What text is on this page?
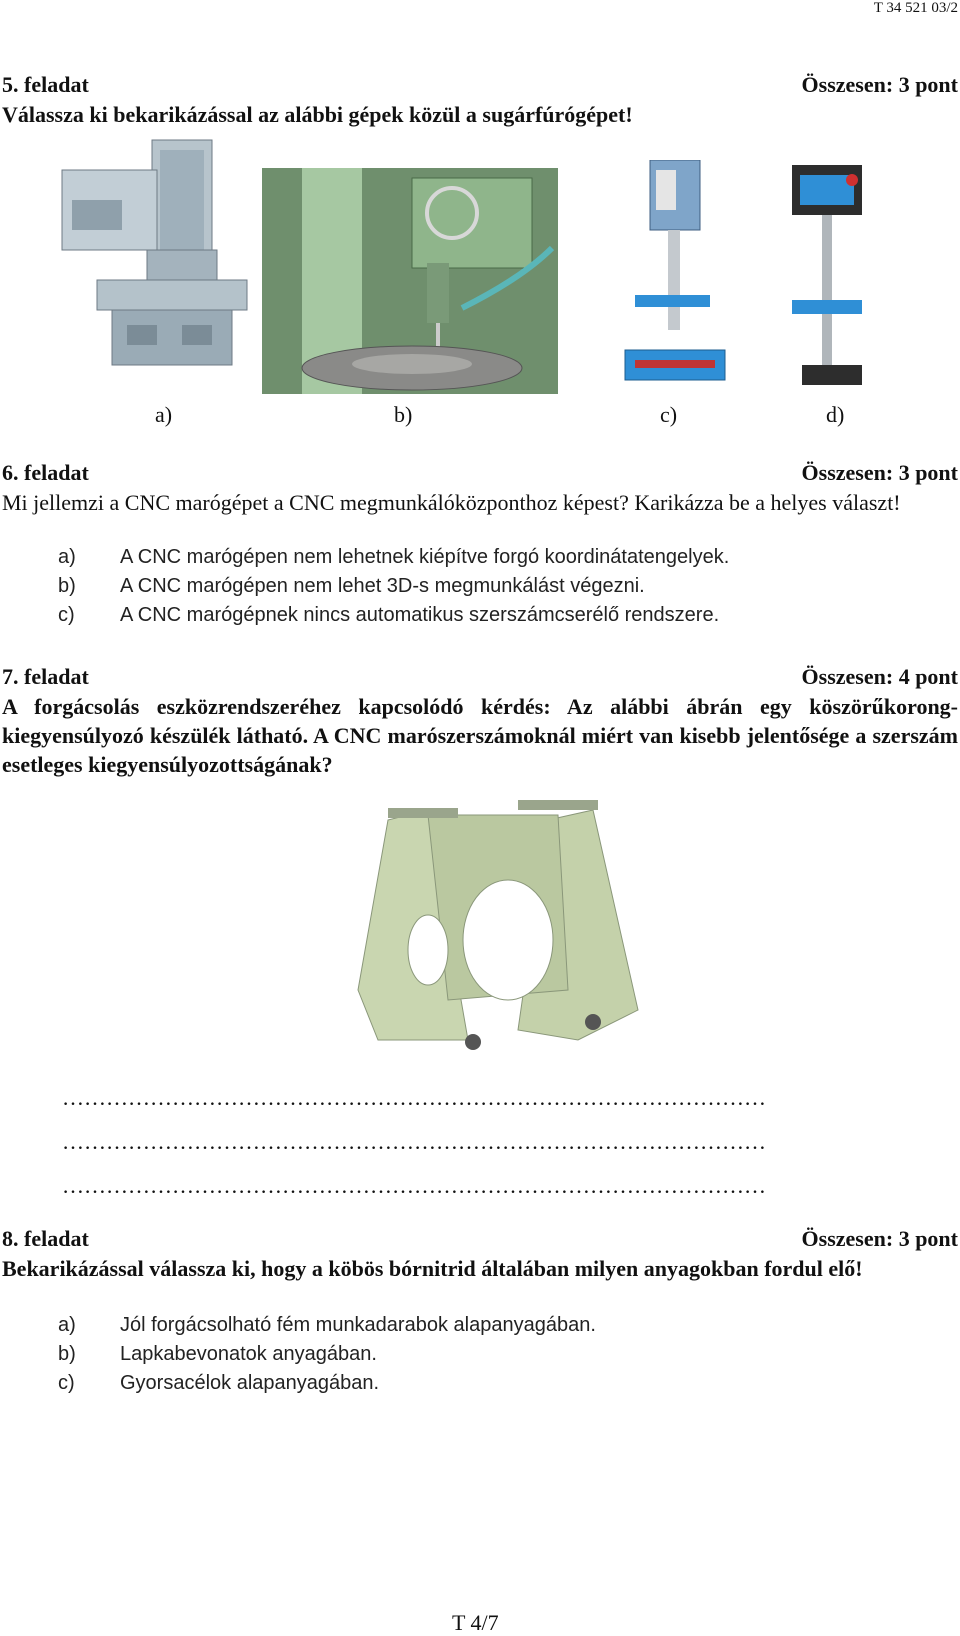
T 34 521 03/2
5. feladat	Összesen: 3 pont
Válassza ki bekarikázással az alábbi gépek közül a sugárfúrógépet!
a)	b)	c)	d)
6. feladat	Összesen: 3 pont
Mi jellemzi a CNC marógépet a CNC megmunkálóközponthoz képest? Karikázza be a helyes választ!
a) A CNC marógépen nem lehetnek kiépítve forgó koordinátatengelyek.
b) A CNC marógépen nem lehet 3D-s megmunkálást végezni.
c) A CNC marógépnek nincs automatikus szerszámcserélő rendszere.
7. feladat	Összesen: 4 pont
A forgácsolás eszközrendszeréhez kapcsolódó kérdés: Az alábbi ábrán egy köszörűkorong-kiegyensúlyozó készülék látható. A CNC marószerszámoknál miért van kisebb jelentősége a szerszám esetleges kiegyensúlyozottságának?
……………………………………………………………………………………
……………………………………………………………………………………
……………………………………………………………………………………
8. feladat	Összesen: 3 pont
Bekarikázással válassza ki, hogy a köbös bórnitrid általában milyen anyagokban fordul elő!
a) Jól forgácsolható fém munkadarabok alapanyagában.
b) Lapkabevonatok anyagában.
c) Gyorsacélok alapanyagában.
T 4/7
